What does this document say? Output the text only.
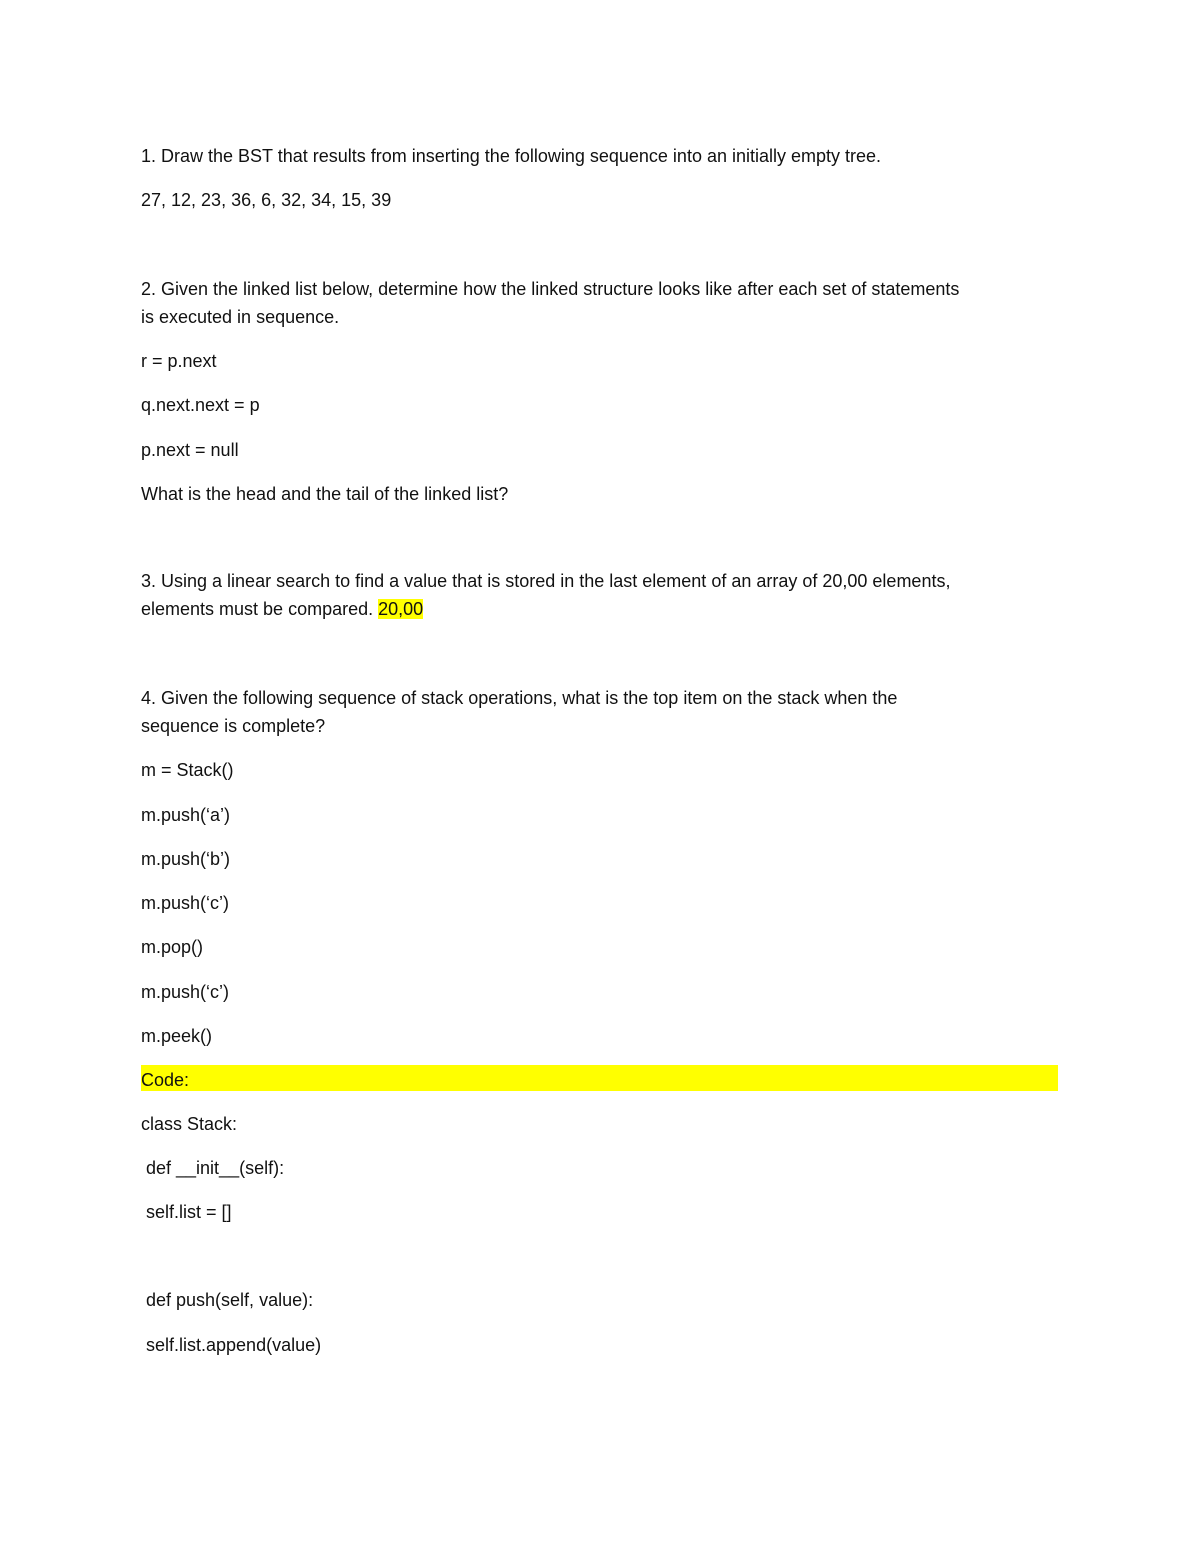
1. Draw the BST that results from inserting the following sequence into an initially empty tree.
27, 12, 23, 36, 6, 32, 34, 15, 39
2. Given the linked list below, determine how the linked structure looks like after each set of statements
is executed in sequence.
r = p.next
q.next.next = p
p.next = null
What is the head and the tail of the linked list?
3. Using a linear search to find a value that is stored in the last element of an array of 20,00 elements,
elements must be compared. 20,00
4. Given the following sequence of stack operations, what is the top item on the stack when the
sequence is complete?
m = Stack()
m.push(‘a’)
m.push(‘b’)
m.push(‘c’)
m.pop()
m.push(‘c’)
m.peek()
Code:
class Stack:
def __init__(self):
self.list = []
def push(self, value):
self.list.append(value)
